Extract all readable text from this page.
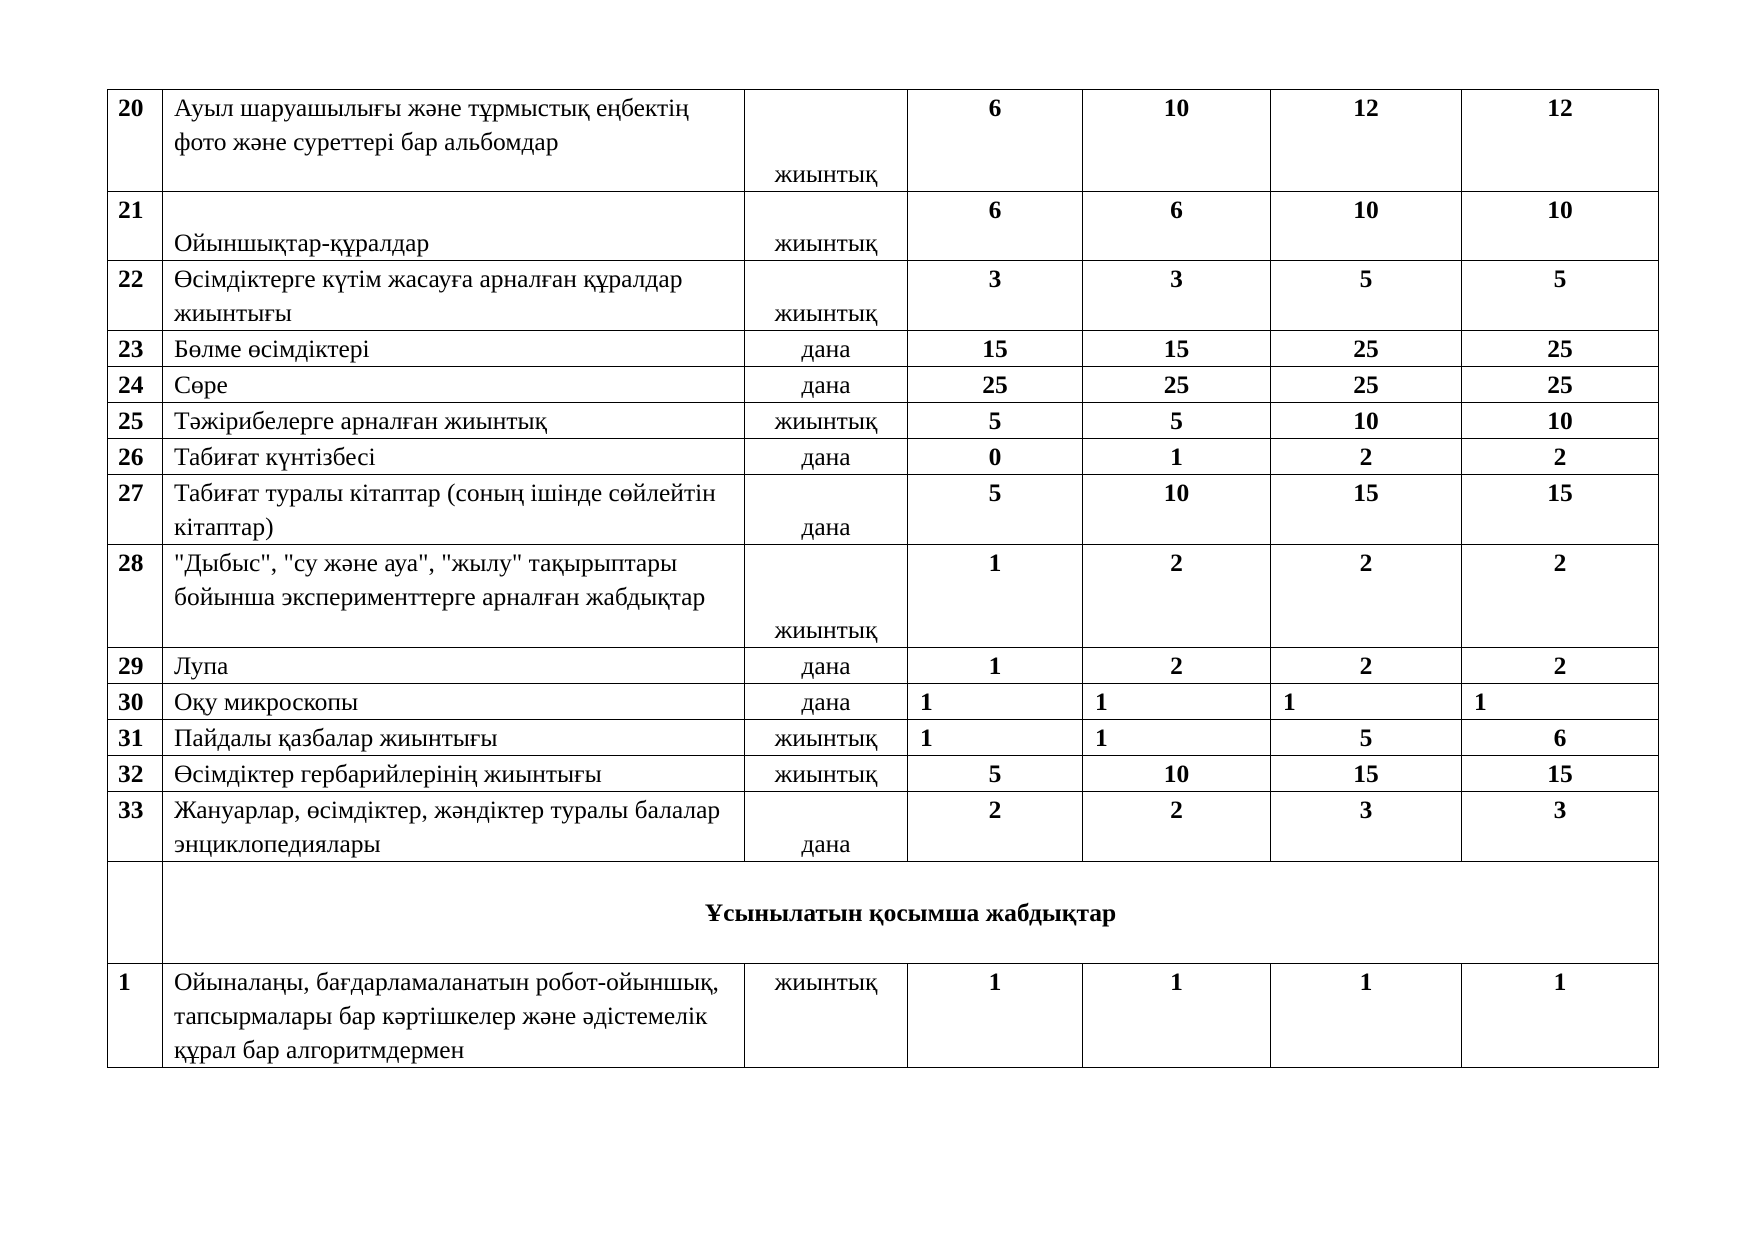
20	Ауыл шаруашылығы және тұрмыстық еңбектің фото және суреттері бар альбомдар	жиынтық	6	10	12	12
21	Ойыншықтар-құралдар	жиынтық	6	6	10	10
22	Өсімдіктерге күтім жасауға арналған құралдар жиынтығы	жиынтық	3	3	5	5
23	Бөлме өсімдіктері	дана	15	15	25	25
24	Сөре	дана	25	25	25	25
25	Тәжірибелерге арналған жиынтық	жиынтық	5	5	10	10
26	Табиғат күнтізбесі	дана	0	1	2	2
27	Табиғат туралы кітаптар (соның ішінде сөйлейтін кітаптар)	дана	5	10	15	15
28	"Дыбыс", "су және ауа", "жылу" тақырыптары бойынша эксперименттерге арналған жабдықтар	жиынтық	1	2	2	2
29	Лупа	дана	1	2	2	2
30	Оқу микроскопы	дана	1	1	1	1
31	Пайдалы қазбалар жиынтығы	жиынтық	1	1	5	6
32	Өсімдіктер гербарийлерінің жиынтығы	жиынтық	5	10	15	15
33	Жануарлар, өсімдіктер, жәндіктер туралы балалар энциклопедиялары	дана	2	2	3	3
	Ұсынылатын қосымша жабдықтар					
1	Ойыналаңы, бағдарламаланатын робот-ойыншық, тапсырмалары бар кәртішкелер және әдістемелік құрал бар алгоритмдермен	жиынтық	1	1	1	1
